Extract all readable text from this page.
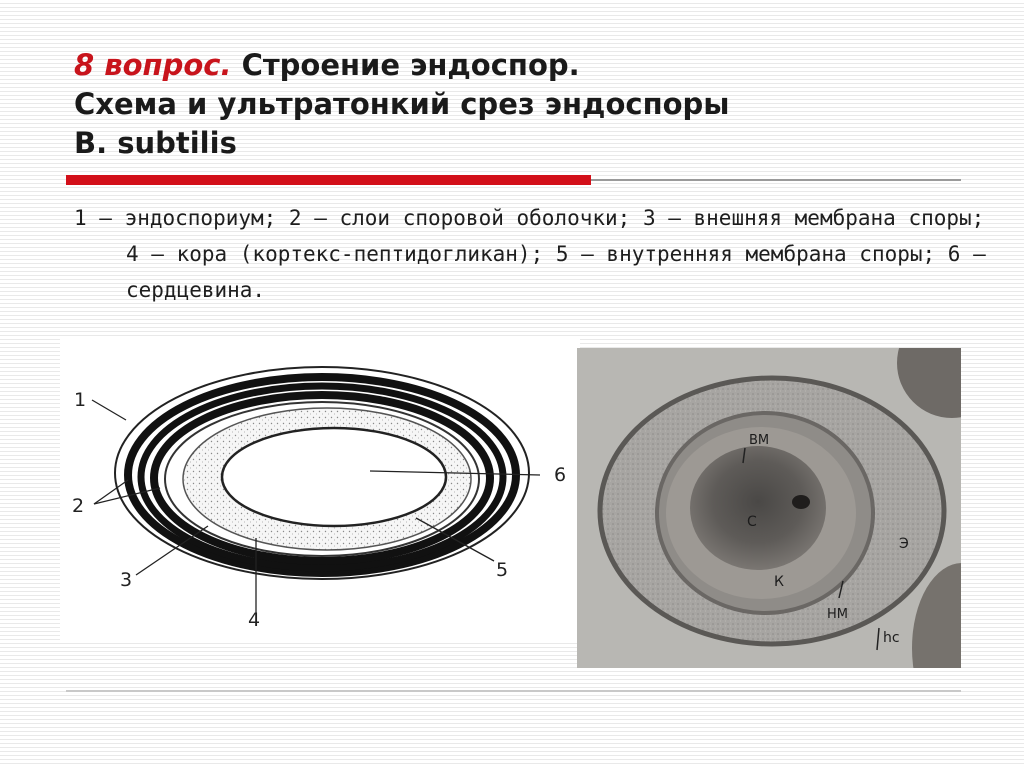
8 вопрос. Строение эндоспор.
Схема и ультратонкий срез эндоспоры
B. subtilis
1 — эндоспориум; 2 — слои споровой оболочки; 3 — внешняя мембрана споры; 4 — кора (кортекс-пептидогликан); 5 — внутренняя мембрана споры; 6 — сердцевина.
1
2
3
4
5
6
ВМ
С
К
Э
НМ
hc
